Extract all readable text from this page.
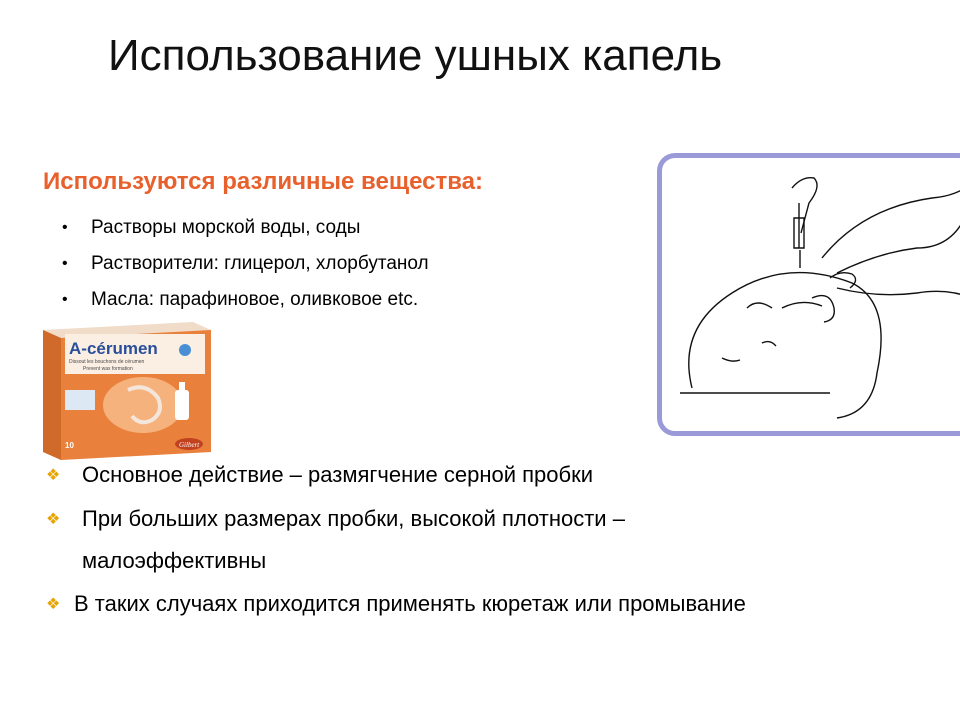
Использование ушных капель
Используются различные вещества:
•	Растворы морской воды, соды
•	Растворители: глицерол, хлорбутанол
•	Масла: парафиновое, оливковое etc.
A-cérumen
Dissout les bouchons de cérumen
Prevent wax formation
10	Gilbert
❖ Основное действие – размягчение серной пробки
❖ При больших размерах пробки, высокой плотности –
малоэффективны
❖ В таких случаях приходится применять кюретаж или промывание
